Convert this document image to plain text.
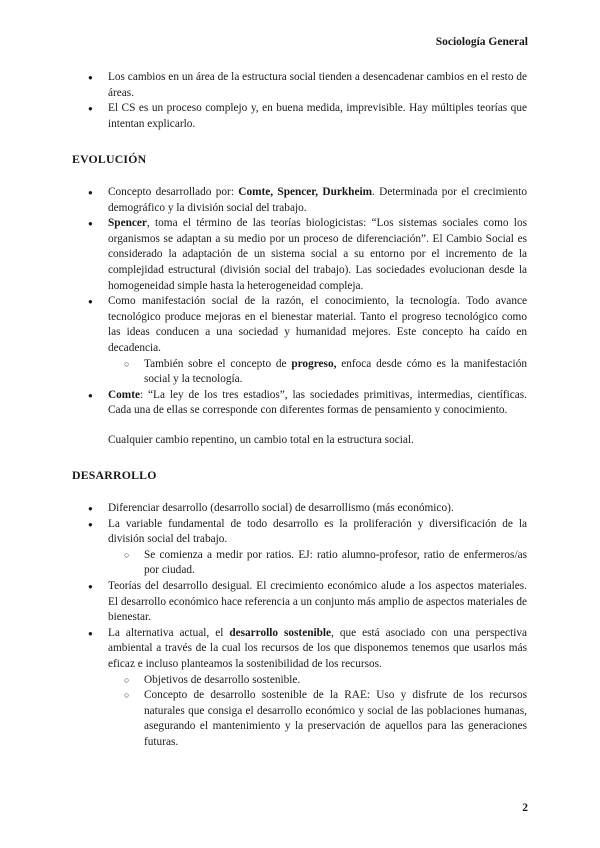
Sociología General
● Los cambios en un área de la estructura social tienden a desencadenar cambios en el resto de áreas.
● El CS es un proceso complejo y, en buena medida, imprevisible. Hay múltiples teorías que intentan explicarlo.
EVOLUCIÓN
● Concepto desarrollado por: Comte, Spencer, Durkheim. Determinada por el crecimiento demográfico y la división social del trabajo.
● Spencer, toma el término de las teorías biologicistas: “Los sistemas sociales como los organismos se adaptan a su medio por un proceso de diferenciación”. El Cambio Social es considerado la adaptación de un sistema social a su entorno por el incremento de la complejidad estructural (división social del trabajo). Las sociedades evolucionan desde la homogeneidad simple hasta la heterogeneidad compleja.
● Como manifestación social de la razón, el conocimiento, la tecnología. Todo avance tecnológico produce mejoras en el bienestar material. Tanto el progreso tecnológico como las ideas conducen a una sociedad y humanidad mejores. Este concepto ha caído en decadencia.
○ También sobre el concepto de progreso, enfoca desde cómo es la manifestación social y la tecnología.
● Comte: “La ley de los tres estadios”, las sociedades primitivas, intermedias, científicas. Cada una de ellas se corresponde con diferentes formas de pensamiento y conocimiento.

Cualquier cambio repentino, un cambio total en la estructura social.

DESARROLLO
● Diferenciar desarrollo (desarrollo social) de desarrollismo (más económico).
● La variable fundamental de todo desarrollo es la proliferación y diversificación de la división social del trabajo.
○ Se comienza a medir por ratios. EJ: ratio alumno-profesor, ratio de enfermeros/as por ciudad.
● Teorías del desarrollo desigual. El crecimiento económico alude a los aspectos materiales. El desarrollo económico hace referencia a un conjunto más amplio de aspectos materiales de bienestar.
● La alternativa actual, el desarrollo sostenible, que está asociado con una perspectiva ambiental a través de la cual los recursos de los que disponemos tenemos que usarlos más eficaz e incluso planteamos la sostenibilidad de los recursos.
○ Objetivos de desarrollo sostenible.
○ Concepto de desarrollo sostenible de la RAE: Uso y disfrute de los recursos naturales que consiga el desarrollo económico y social de las poblaciones humanas, asegurando el mantenimiento y la preservación de aquellos para las generaciones futuras.
2
